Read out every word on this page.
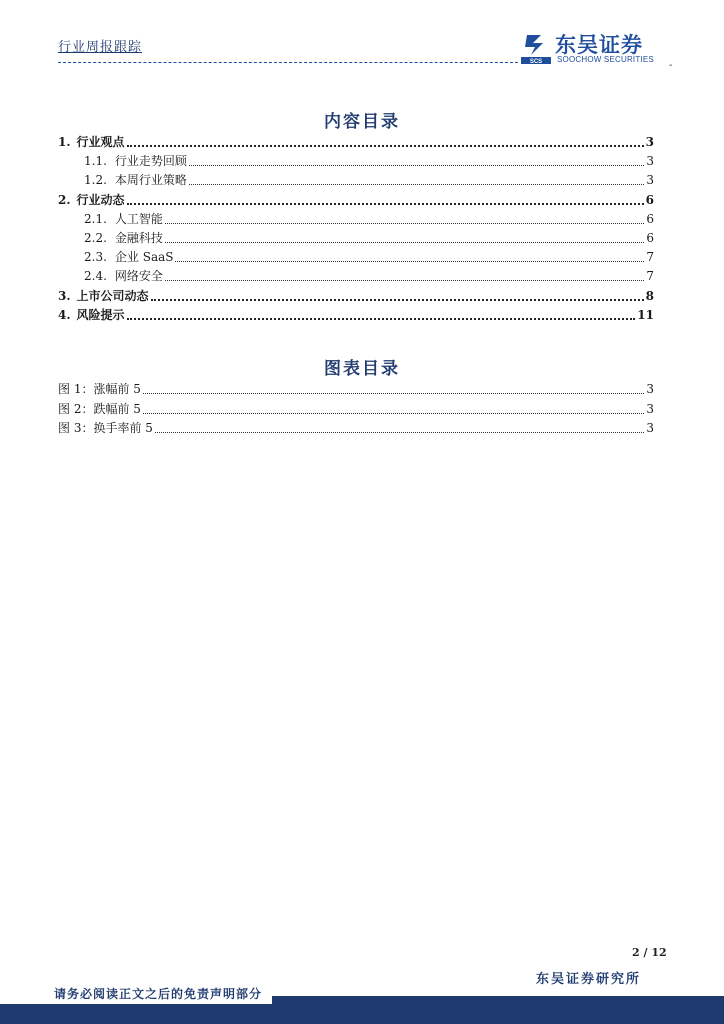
行业周报跟踪
SCS
东吴证券
SOOCHOW SECURITIES
-
内容目录
1. 行业观点	3
1.1. 行业走势回顾	3
1.2. 本周行业策略	3
2. 行业动态	6
2.1. 人工智能	6
2.2. 金融科技	6
2.3. 企业 SaaS	7
2.4. 网络安全	7
3. 上市公司动态	8
4. 风险提示	11
图表目录
图 1： 涨幅前 5	3
图 2： 跌幅前 5	3
图 3： 换手率前 5	3
2 / 12
东吴证券研究所
请务必阅读正文之后的免责声明部分
